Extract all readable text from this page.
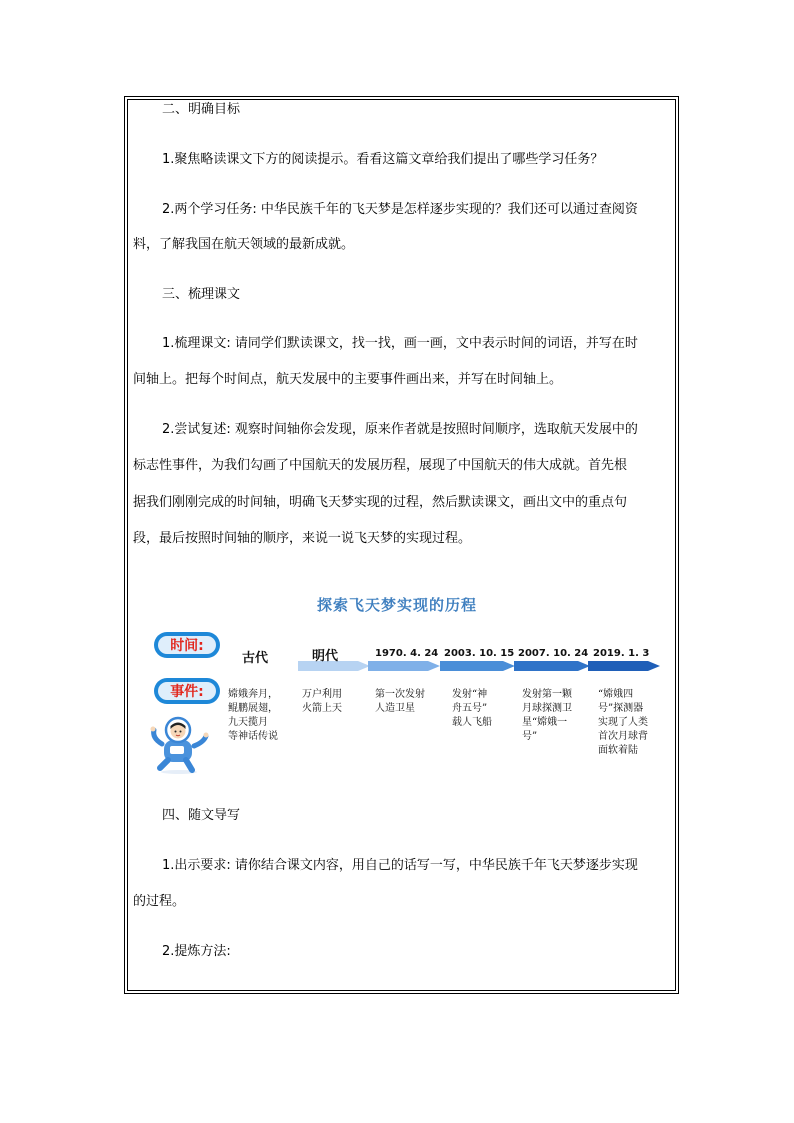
二、明确目标
1.聚焦略读课文下方的阅读提示。看看这篇文章给我们提出了哪些学习任务？
2.两个学习任务: 中华民族千年的飞天梦是怎样逐步实现的？我们还可以通过查阅资
料，了解我国在航天领域的最新成就。
三、梳理课文
1.梳理课文: 请同学们默读课文，找一找，画一画，文中表示时间的词语，并写在时
间轴上。把每个时间点，航天发展中的主要事件画出来，并写在时间轴上。
2.尝试复述: 观察时间轴你会发现，原来作者就是按照时间顺序，选取航天发展中的
标志性事件，为我们勾画了中国航天的发展历程，展现了中国航天的伟大成就。首先根
据我们刚刚完成的时间轴，明确飞天梦实现的过程，然后默读课文，画出文中的重点句
段，最后按照时间轴的顺序，来说一说飞天梦的实现过程。
探索飞天梦实现的历程
时间:
事件:
古代	明代	1970. 4. 24 2003. 10. 15 2007. 10. 24 2019. 1. 3
嫦娥奔月，
鲲鹏展翅，
九天揽月
等神话传说
万户利用
火箭上天
第一次发射
人造卫星
发射“神
舟五号”
载人飞船
发射第一颗
月球探测卫
星“嫦娥一
号”
“嫦娥四
号”探测器
实现了人类
首次月球背
面软着陆
四、随文导写
1.出示要求: 请你结合课文内容，用自己的话写一写，中华民族千年飞天梦逐步实现
的过程。
2.提炼方法:
